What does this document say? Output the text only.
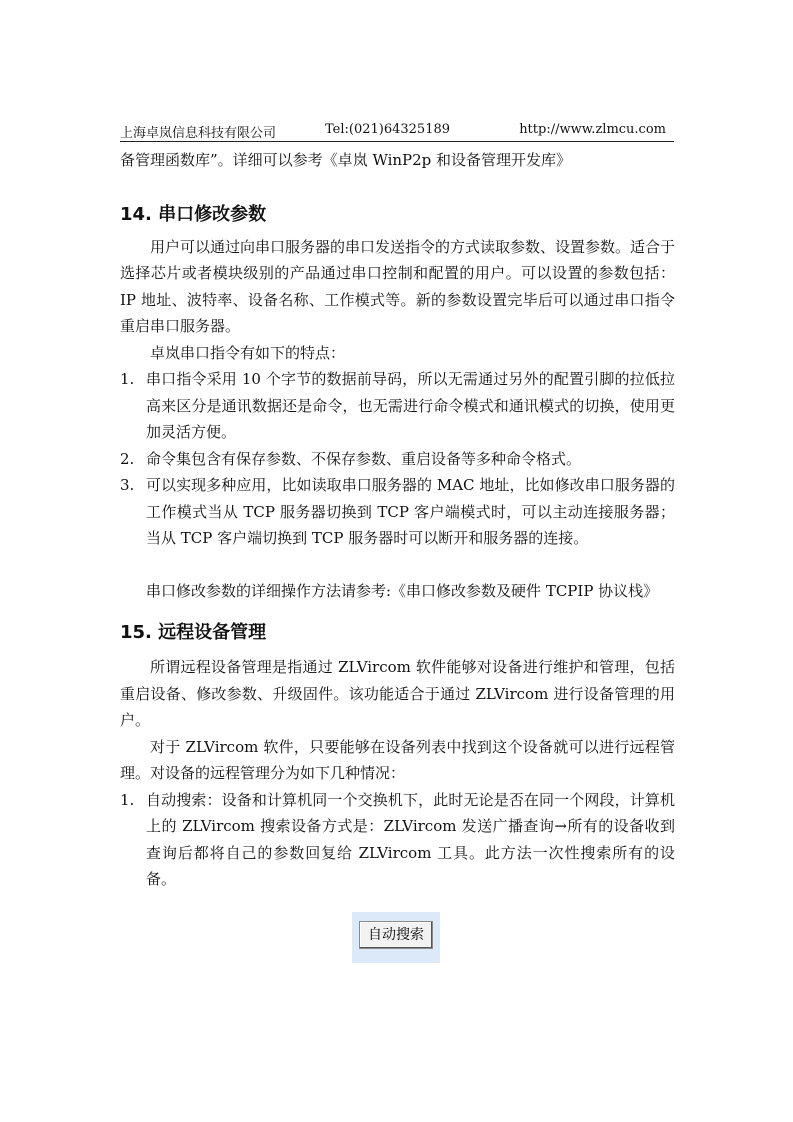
上海卓岚信息科技有限公司	Tel:(021)64325189	http://www.zlmcu.com

备管理函数库”。详细可以参考《卓岚 WinP2p 和设备管理开发库》

14. 串口修改参数

用户可以通过向串口服务器的串口发送指令的方式读取参数、设置参数。适合于选择芯片或者模块级别的产品通过串口控制和配置的用户。可以设置的参数包括：IP 地址、波特率、设备名称、工作模式等。新的参数设置完毕后可以通过串口指令重启串口服务器。

卓岚串口指令有如下的特点：

1. 串口指令采用 10 个字节的数据前导码，所以无需通过另外的配置引脚的拉低拉高来区分是通讯数据还是命令，也无需进行命令模式和通讯模式的切换，使用更加灵活方便。
2. 命令集包含有保存参数、不保存参数、重启设备等多种命令格式。
3. 可以实现多种应用，比如读取串口服务器的 MAC 地址，比如修改串口服务器的工作模式当从 TCP 服务器切换到 TCP 客户端模式时，可以主动连接服务器；当从 TCP 客户端切换到 TCP 服务器时可以断开和服务器的连接。

串口修改参数的详细操作方法请参考:《串口修改参数及硬件 TCPIP 协议栈》

15. 远程设备管理

所谓远程设备管理是指通过 ZLVircom 软件能够对设备进行维护和管理，包括重启设备、修改参数、升级固件。该功能适合于通过 ZLVircom 进行设备管理的用户。

对于 ZLVircom 软件，只要能够在设备列表中找到这个设备就可以进行远程管理。对设备的远程管理分为如下几种情况：

1. 自动搜索：设备和计算机同一个交换机下，此时无论是否在同一个网段，计算机上的 ZLVircom 搜索设备方式是：ZLVircom 发送广播查询→所有的设备收到查询后都将自己的参数回复给 ZLVircom 工具。此方法一次性搜索所有的设备。
自动搜索
